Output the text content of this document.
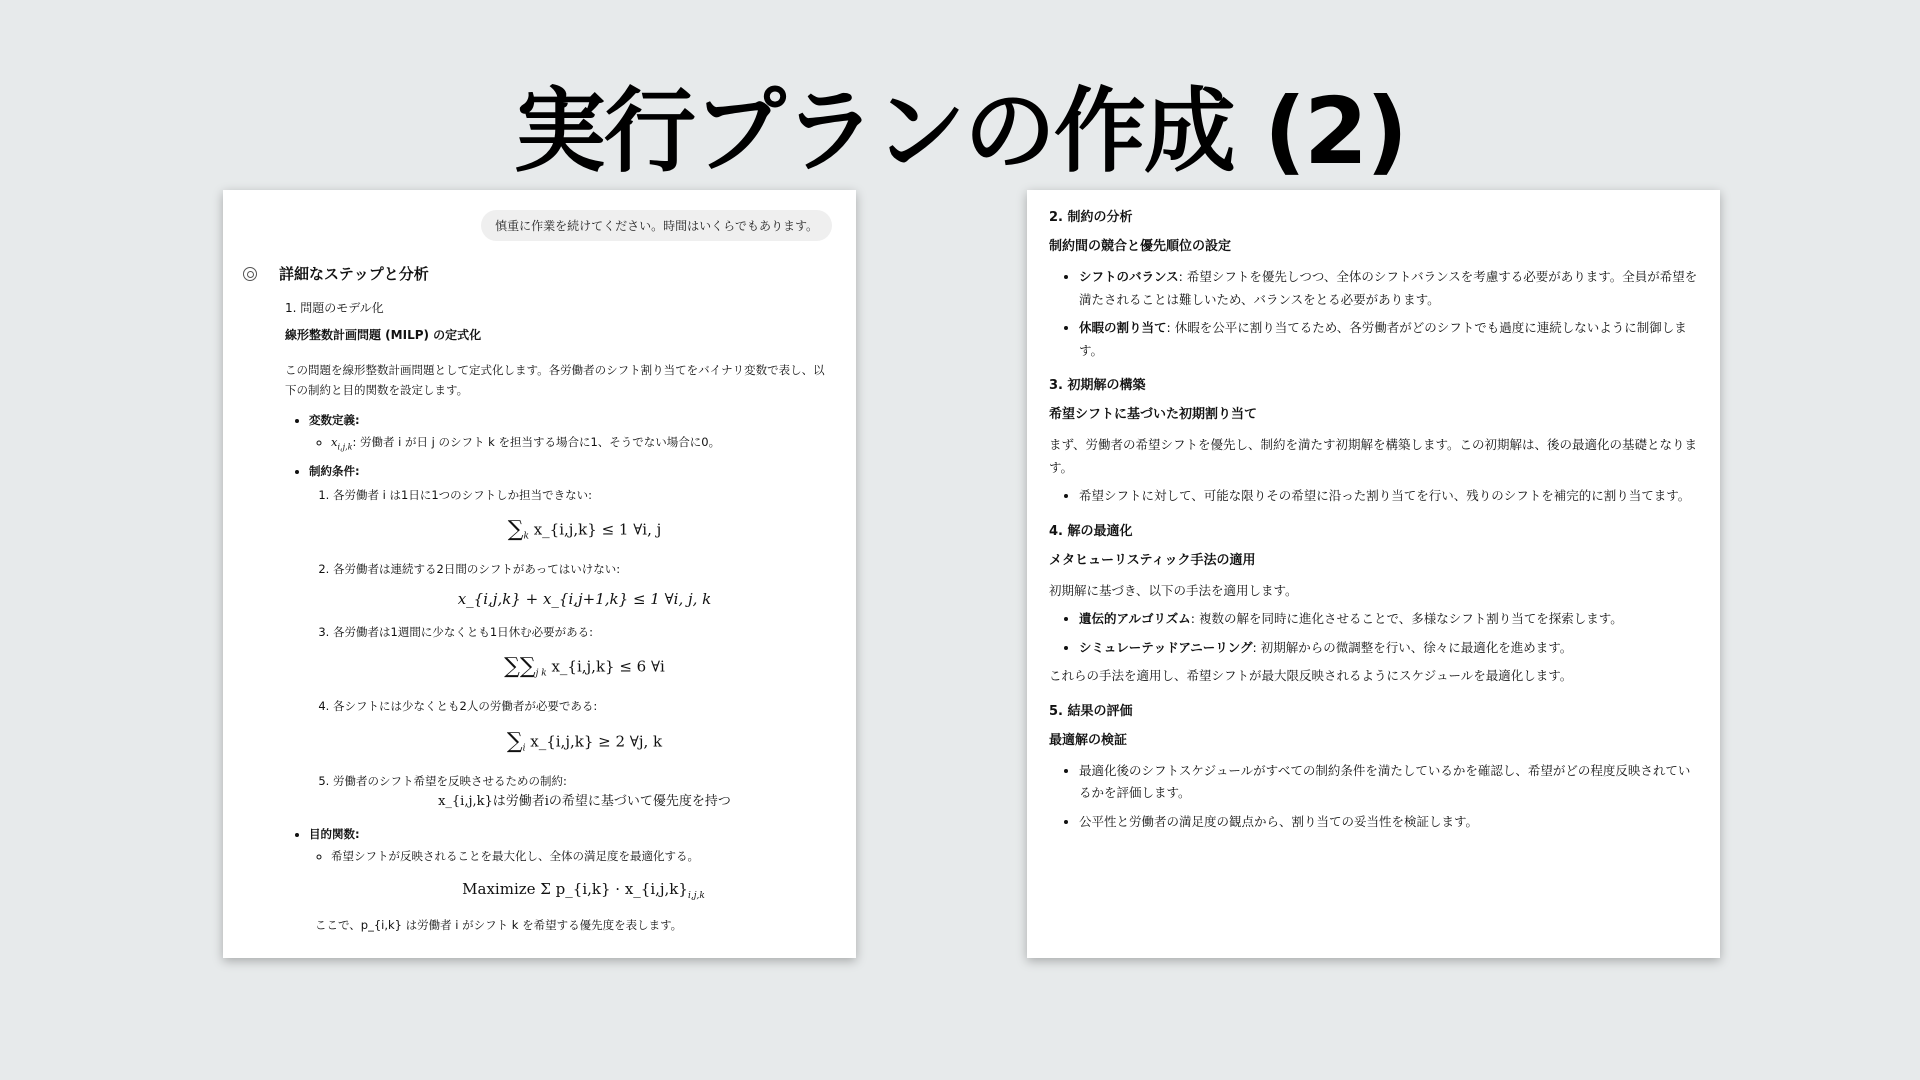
実行プランの作成 (2)
慎重に作業を続けてください。時間はいくらでもあります。
詳細なステップと分析
1. 問題のモデル化
線形整数計画問題 (MILP) の定式化
この問題を線形整数計画問題として定式化します。各労働者のシフト割り当てをバイナリ変数で表し、以下の制約と目的関数を設定します。
• 変数定義:
◦ $x_{i,j,k}$: 労働者 i が日 j のシフト k を担当する場合に1、そうでない場合に0。
• 制約条件:
1. 各労働者 i は1日に1つのシフトしか担当できない:
$\sum_k$ x_{i,j,k} ≤ 1 ∀i, j
2. 各労働者は連続する2日間のシフトがあってはいけない:
x_{i,j,k} + x_{i,j+1,k} ≤ 1 ∀i, j, k
3. 各労働者は1週間に少なくとも1日休む必要がある:
$\sum\sum_{j k}$ x_{i,j,k} ≤ 6 ∀i
4. 各シフトには少なくとも2人の労働者が必要である:
$\sum_i$ x_{i,j,k} ≥ 2 ∀j, k
5. 労働者のシフト希望を反映させるための制約:
x_{i,j,k}は労働者iの希望に基づいて優先度を持つ
• 目的関数:
◦ 希望シフトが反映されることを最大化し、全体の満足度を最適化する。
Maximize Σ p_{i,k} · $x\_\{i,j,k\}_{i,j,k}$
ここで、p_{i,k} は労働者 i がシフト k を希望する優先度を表します。
2. 制約の分析
制約間の競合と優先順位の設定
• シフトのバランス: 希望シフトを優先しつつ、全体のシフトバランスを考慮する必要があります。全員が希望を満たされることは難しいため、バランスをとる必要があります。
• 休暇の割り当て: 休暇を公平に割り当てるため、各労働者がどのシフトでも過度に連続しないように制御します。
3. 初期解の構築
希望シフトに基づいた初期割り当て
まず、労働者の希望シフトを優先し、制約を満たす初期解を構築します。この初期解は、後の最適化の基礎となります。
• 希望シフトに対して、可能な限りその希望に沿った割り当てを行い、残りのシフトを補完的に割り当てます。
4. 解の最適化
メタヒューリスティック手法の適用
初期解に基づき、以下の手法を適用します。
• 遺伝的アルゴリズム: 複数の解を同時に進化させることで、多様なシフト割り当てを探索します。
• シミュレーテッドアニーリング: 初期解からの微調整を行い、徐々に最適化を進めます。
これらの手法を適用し、希望シフトが最大限反映されるようにスケジュールを最適化します。
5. 結果の評価
最適解の検証
• 最適化後のシフトスケジュールがすべての制約条件を満たしているかを確認し、希望がどの程度反映されているかを評価します。
• 公平性と労働者の満足度の観点から、割り当ての妥当性を検証します。
